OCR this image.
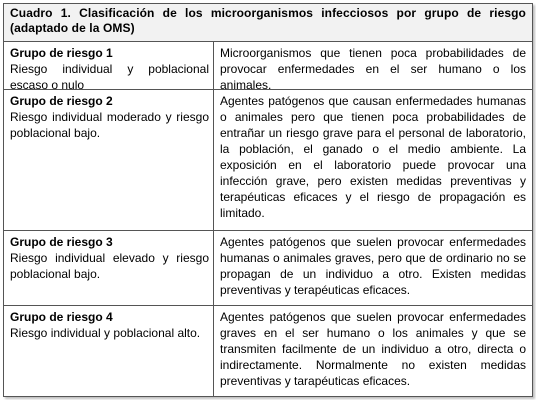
Cuadro 1. Clasificación de los microorganismos infecciosos por grupo de riesgo
(adaptado de la OMS)
Grupo de riesgo 1
Riesgo individual y poblacional escaso o nulo
Microorganismos que tienen poca probabilidades de provocar enfermedades en el ser humano o los animales.
Grupo de riesgo 2
Riesgo individual moderado y riesgo poblacional bajo.
Agentes patógenos que causan enfermedades humanas o animales pero que tienen poca probabilidades de entrañar un riesgo grave para el personal de laboratorio, la población, el ganado o el medio ambiente. La exposición en el laboratorio puede provocar una infección grave, pero existen medidas preventivas y terapéuticas eficaces y el riesgo de propagación es limitado.
Grupo de riesgo 3
Riesgo individual elevado y riesgo poblacional bajo.
Agentes patógenos que suelen provocar enfermedades humanas o animales graves, pero que de ordinario no se propagan de un individuo a otro. Existen medidas preventivas y terapéuticas eficaces.
Grupo de riesgo 4
Riesgo individual y poblacional alto.
Agentes patógenos que suelen provocar enfermedades graves en el ser humano o los animales y que se transmiten facilmente de un individuo a otro, directa o indirectamente. Normalmente no existen medidas preventivas y tarapéuticas eficaces.
